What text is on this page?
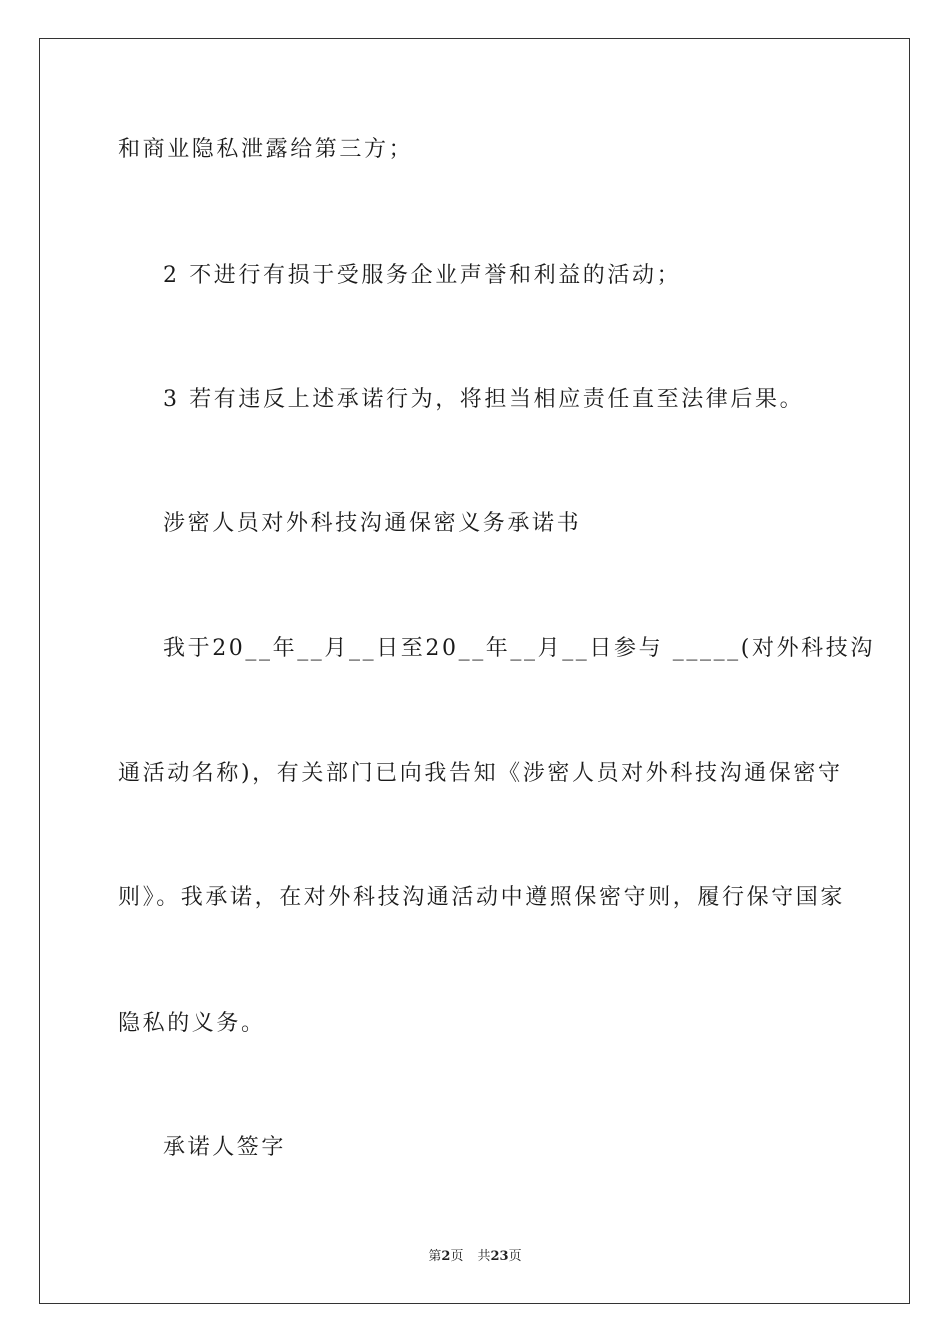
和商业隐私泄露给第三方；
2 不进行有损于受服务企业声誉和利益的活动；
3 若有违反上述承诺行为，将担当相应责任直至法律后果。
涉密人员对外科技沟通保密义务承诺书
我于20__年__月__日至20__年__月__日参与 _____(对外科技沟
通活动名称)，有关部门已向我告知《涉密人员对外科技沟通保密守
则》。我承诺，在对外科技沟通活动中遵照保密守则，履行保守国家
隐私的义务。
承诺人签字
第2页 共23页
